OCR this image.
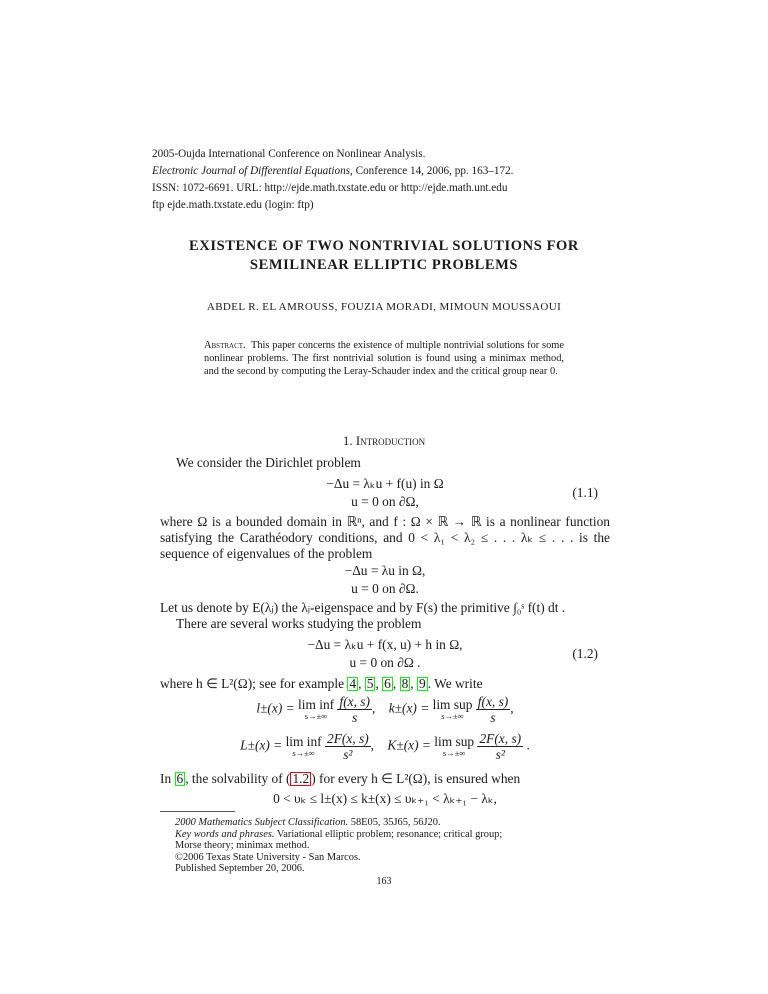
2005-Oujda International Conference on Nonlinear Analysis.
Electronic Journal of Differential Equations, Conference 14, 2006, pp. 163–172.
ISSN: 1072-6691. URL: http://ejde.math.txstate.edu or http://ejde.math.unt.edu
ftp ejde.math.txstate.edu (login: ftp)
EXISTENCE OF TWO NONTRIVIAL SOLUTIONS FOR
SEMILINEAR ELLIPTIC PROBLEMS
ABDEL R. EL AMROUSS, FOUZIA MORADI, MIMOUN MOUSSAOUI
Abstract. This paper concerns the existence of multiple nontrivial solutions for some nonlinear problems. The first nontrivial solution is found using a minimax method, and the second by computing the Leray-Schauder index and the critical group near 0.
1. Introduction
We consider the Dirichlet problem
−Δu = λₖu + f(u) in Ω
u = 0 on ∂Ω,
(1.1)
where Ω is a bounded domain in ℝⁿ, and f : Ω × ℝ → ℝ is a nonlinear function satisfying the Carathéodory conditions, and 0 < λ₁ < λ₂ ≤ . . . λₖ ≤ . . . is the sequence of eigenvalues of the problem
−Δu = λu in Ω,
u = 0 on ∂Ω.
Let us denote by E(λⱼ) the λⱼ-eigenspace and by F(s) the primitive ∫₀ˢ f(t) dt .
There are several works studying the problem
−Δu = λₖu + f(x, u) + h in Ω,
u = 0 on ∂Ω .
(1.2)
where h ∈ L²(Ω); see for example 4 , 5 , 6 , 8 , 9 . We write
l±(x) = lim inf
s→±∞
$\frac{f(x, s)}{s}$ ,    k±(x) = lim sup
s→±∞
$\frac{f(x, s)}{s}$ ,
L±(x) = lim inf
s→±∞
$\frac{2F(x, s)}{\text{s²}}$ ,    K±(x) = lim sup
s→±∞
$\frac{2F(x, s)}{\text{s²}}$ .
In 6 , the solvability of ( 1.2 ) for every h ∈ L²(Ω), is ensured when
0 < υₖ ≤ l±(x) ≤ k±(x) ≤ υₖ₊₁ < λₖ₊₁ − λₖ,
2000 Mathematics Subject Classification. 58E05, 35J65, 56J20.
Key words and phrases. Variational elliptic problem; resonance; critical group;
Morse theory; minimax method.
©2006 Texas State University - San Marcos.
Published September 20, 2006.
163
